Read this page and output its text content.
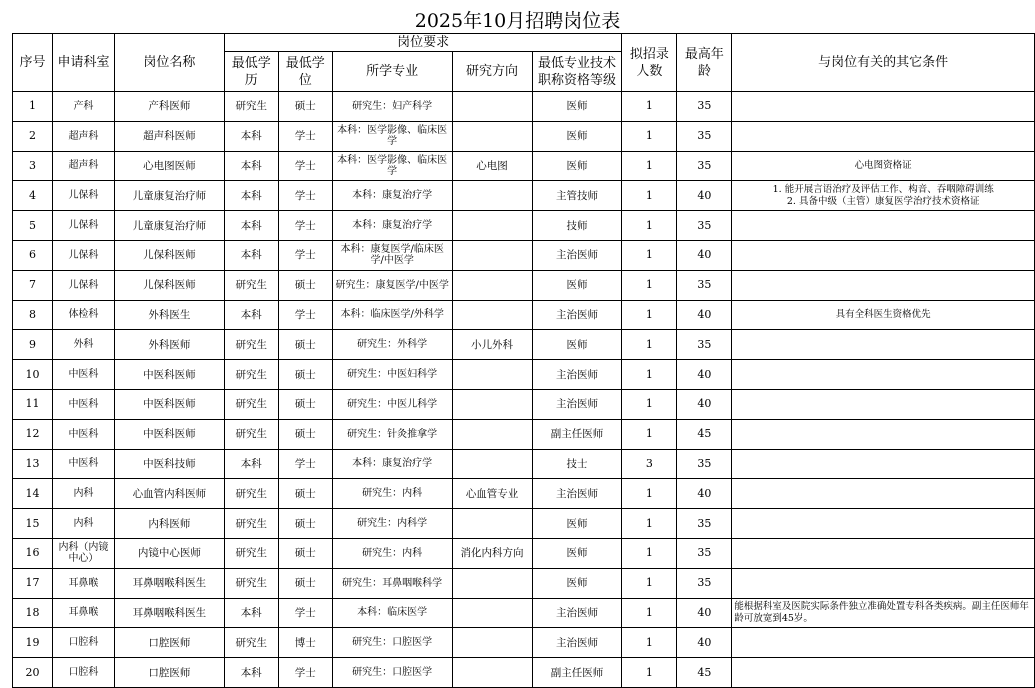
2025年10月招聘岗位表
序号	申请科室	岗位名称	岗位要求					拟招录人数	最高年龄	与岗位有关的其它条件
			最低学历	最低学位	所学专业	研究方向	最低专业技术职称资格等级			
1	产科	产科医师	研究生	硕士	研究生：妇产科学		医师	1	35	
2	超声科	超声科医师	本科	学士	本科：医学影像、临床医学		医师	1	35	
3	超声科	心电图医师	本科	学士	本科：医学影像、临床医学	心电图	医师	1	35	心电图资格证
4	儿保科	儿童康复治疗师	本科	学士	本科：康复治疗学		主管技师	1	40	1. 能开展言语治疗及评估工作、构音、吞咽障碍训练
2. 具备中级（主管）康复医学治疗技术资格证
5	儿保科	儿童康复治疗师	本科	学士	本科：康复治疗学		技师	1	35	
6	儿保科	儿保科医师	本科	学士	本科：康复医学/临床医学/中医学		主治医师	1	40	
7	儿保科	儿保科医师	研究生	硕士	研究生：康复医学/中医学		医师	1	35	
8	体检科	外科医生	本科	学士	本科：临床医学/外科学		主治医师	1	40	具有全科医生资格优先
9	外科	外科医师	研究生	硕士	研究生：外科学	小儿外科	医师	1	35	
10	中医科	中医科医师	研究生	硕士	研究生：中医妇科学		主治医师	1	40	
11	中医科	中医科医师	研究生	硕士	研究生：中医儿科学		主治医师	1	40	
12	中医科	中医科医师	研究生	硕士	研究生：针灸推拿学		副主任医师	1	45	
13	中医科	中医科技师	本科	学士	本科：康复治疗学		技士	3	35	
14	内科	心血管内科医师	研究生	硕士	研究生：内科	心血管专业	主治医师	1	40	
15	内科	内科医师	研究生	硕士	研究生：内科学		医师	1	35	
16	内科（内镜中心）	内镜中心医师	研究生	硕士	研究生：内科	消化内科方向	医师	1	35	
17	耳鼻喉	耳鼻咽喉科医生	研究生	硕士	研究生：耳鼻咽喉科学		医师	1	35	
18	耳鼻喉	耳鼻咽喉科医生	本科	学士	本科：临床医学		主治医师	1	40	能根据科室及医院实际条件独立准确处置专科各类疾病。副主任医师年龄可放宽到45岁。
19	口腔科	口腔医师	研究生	博士	研究生：口腔医学		主治医师	1	40	
20	口腔科	口腔医师	本科	学士	研究生：口腔医学		副主任医师	1	45	
